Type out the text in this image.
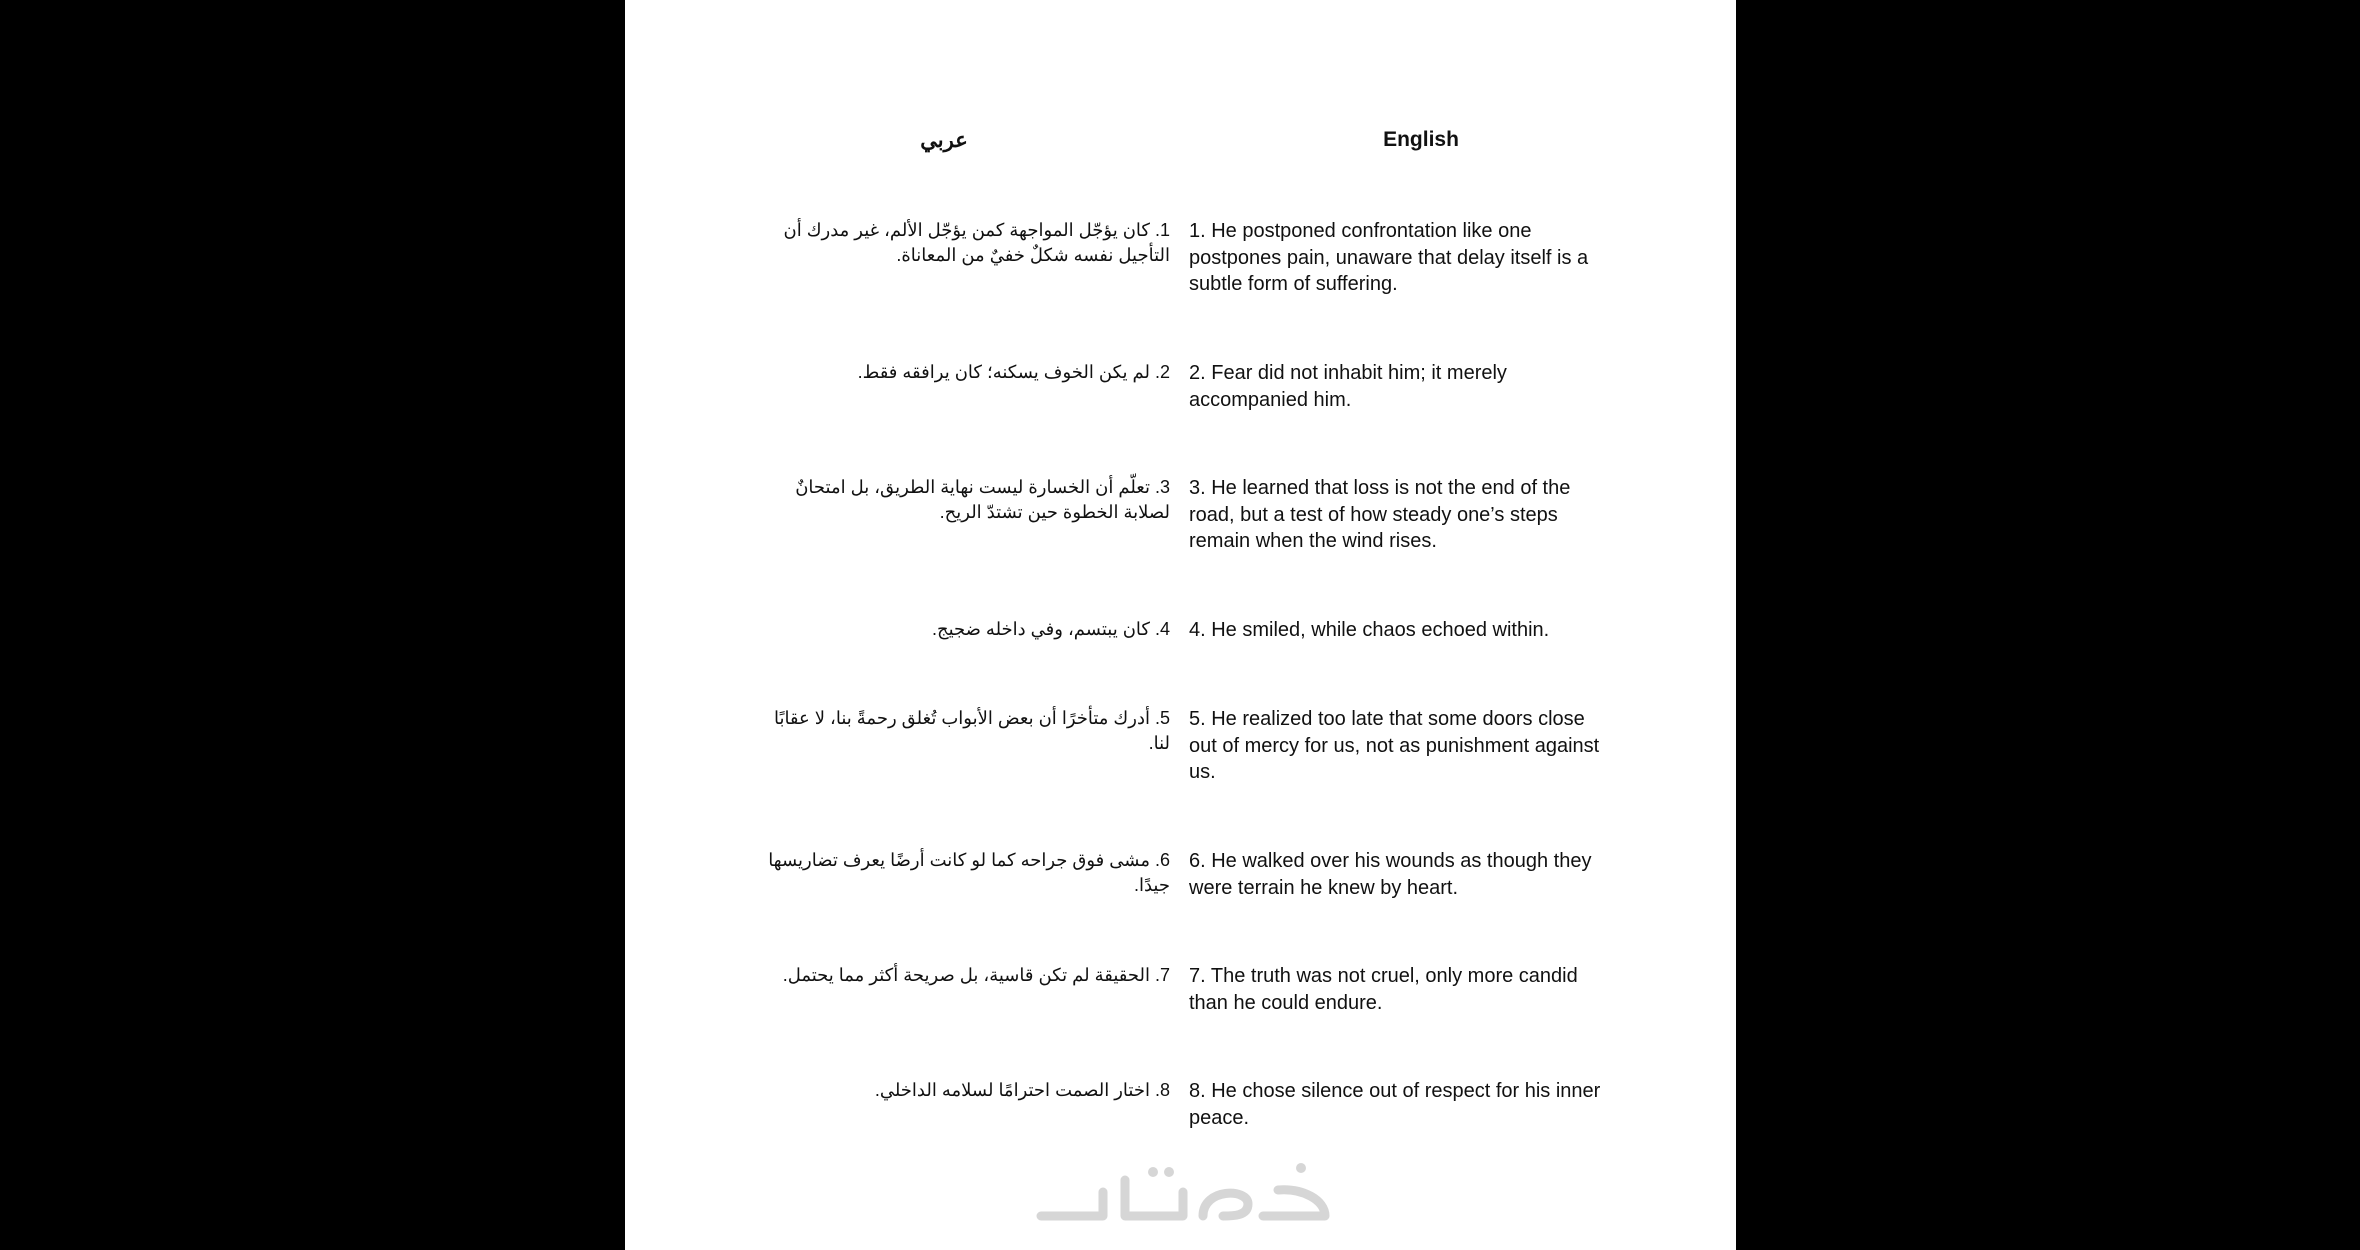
عربي	English
1. كان يؤجّل المواجهة كمن يؤجّل الألم، غير مدرك أن التأجيل نفسه شكلٌ خفيٌ من المعاناة.
1. He postponed confrontation like one postpones pain, unaware that delay itself is a subtle form of suffering.
2. لم يكن الخوف يسكنه؛ كان يرافقه فقط. 2. Fear did not inhabit him; it merely accompanied him.
3. تعلّم أن الخسارة ليست نهاية الطريق، بل امتحانٌ لصلابة الخطوة حين تشتدّ الريح.
3. He learned that loss is not the end of the road, but a test of how steady one’s steps remain when the wind rises.
4. كان يبتسم، وفي داخله ضجيج. 4. He smiled, while chaos echoed within.
5. أدرك متأخرًا أن بعض الأبواب تُغلق رحمةً بنا، لا عقابًا لنا.
5. He realized too late that some doors close out of mercy for us, not as punishment against us.
6. مشى فوق جراحه كما لو كانت أرضًا يعرف تضاريسها جيدًا.
6. He walked over his wounds as though they were terrain he knew by heart.
7. الحقيقة لم تكن قاسية، بل صريحة أكثر مما يحتمل. 7. The truth was not cruel, only more candid than he could endure.
8. اختار الصمت احترامًا لسلامه الداخلي. 8. He chose silence out of respect for his inner peace.
